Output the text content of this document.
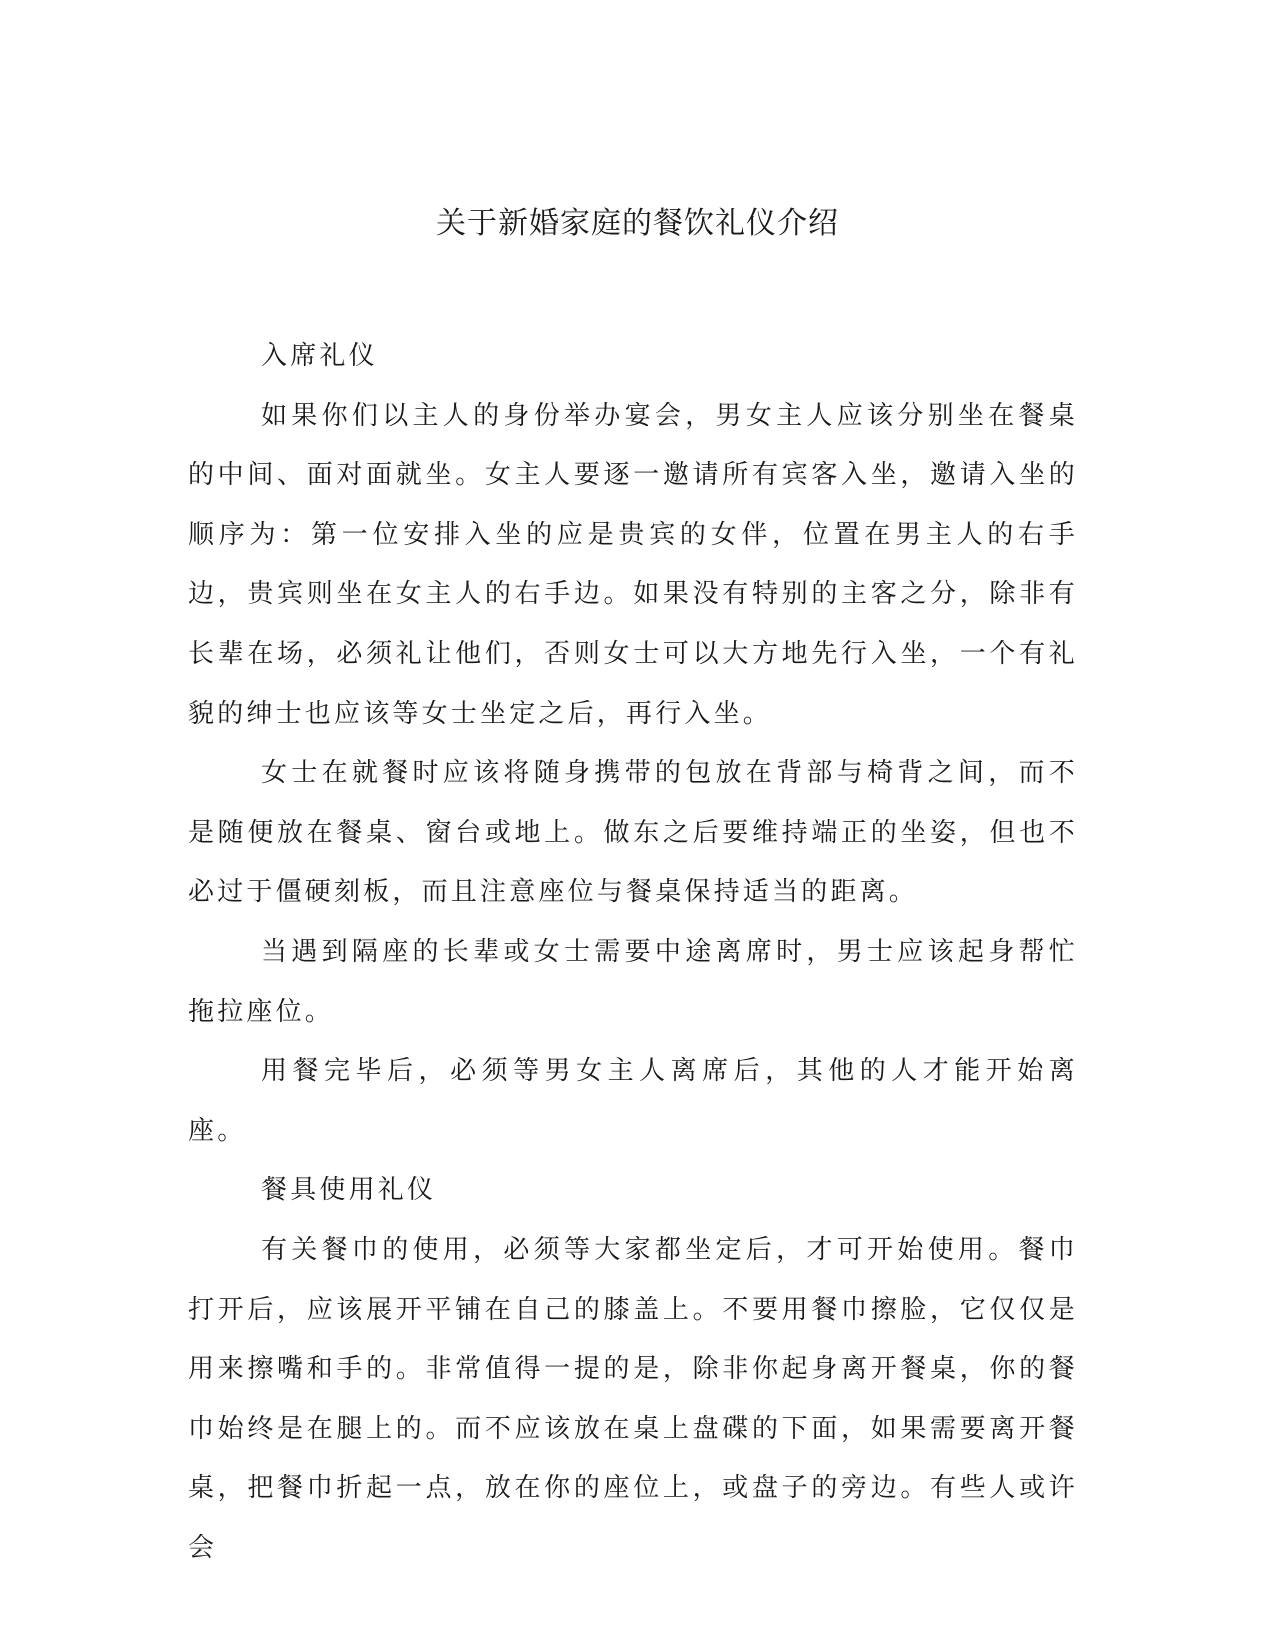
关于新婚家庭的餐饮礼仪介绍

入席礼仪

如果你们以主人的身份举办宴会，男女主人应该分别坐在餐桌的中间、面对面就坐。女主人要逐一邀请所有宾客入坐，邀请入坐的顺序为：第一位安排入坐的应是贵宾的女伴，位置在男主人的右手边，贵宾则坐在女主人的右手边。如果没有特别的主客之分，除非有长辈在场，必须礼让他们，否则女士可以大方地先行入坐，一个有礼貌的绅士也应该等女士坐定之后，再行入坐。

女士在就餐时应该将随身携带的包放在背部与椅背之间，而不是随便放在餐桌、窗台或地上。做东之后要维持端正的坐姿，但也不必过于僵硬刻板，而且注意座位与餐桌保持适当的距离。

当遇到隔座的长辈或女士需要中途离席时，男士应该起身帮忙拖拉座位。

用餐完毕后，必须等男女主人离席后，其他的人才能开始离座。

餐具使用礼仪

有关餐巾的使用，必须等大家都坐定后，才可开始使用。餐巾打开后，应该展开平铺在自己的膝盖上。不要用餐巾擦脸，它仅仅是用来擦嘴和手的。非常值得一提的是，除非你起身离开餐桌，你的餐巾始终是在腿上的。而不应该放在桌上盘碟的下面，如果需要离开餐桌，把餐巾折起一点，放在你的座位上，或盘子的旁边。有些人或许会
